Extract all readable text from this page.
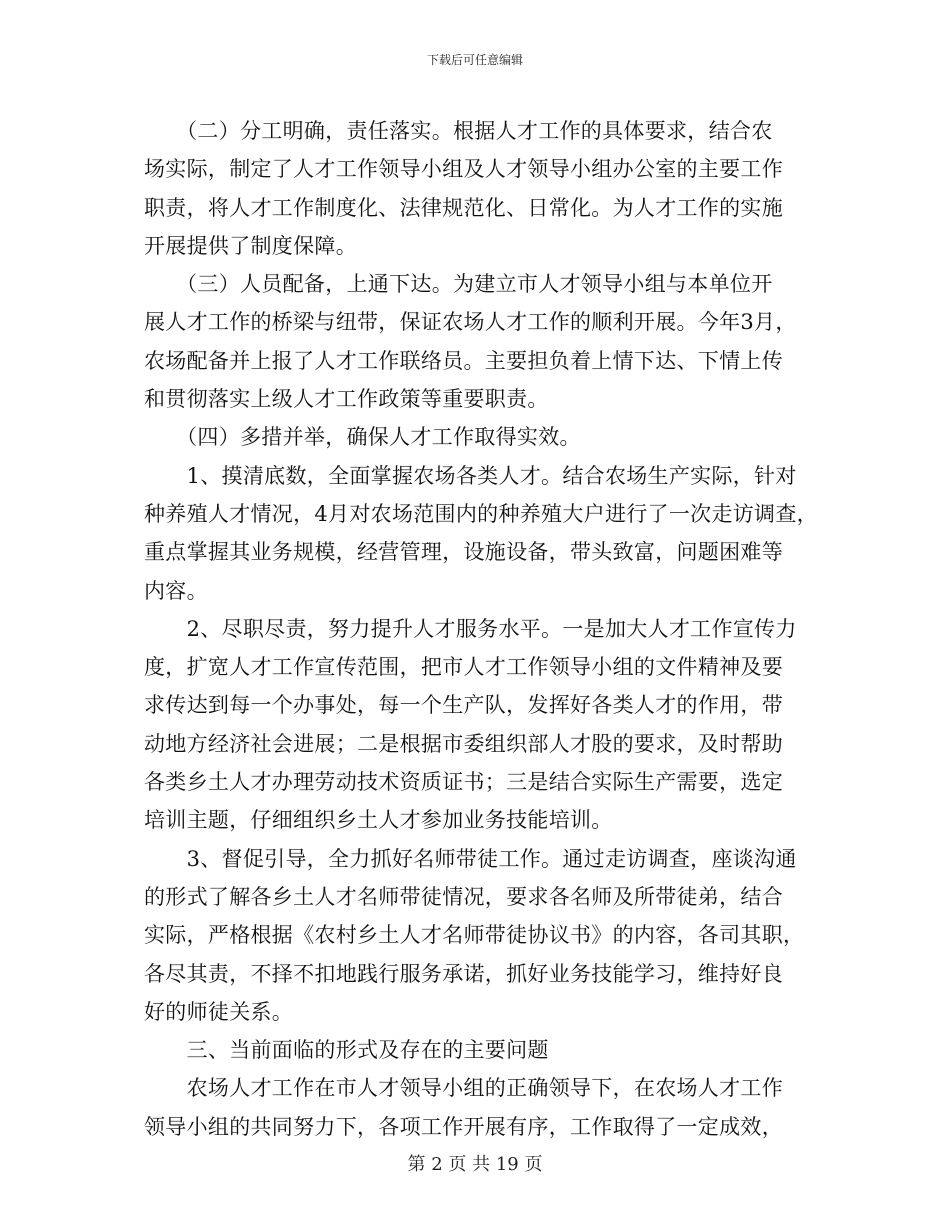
下载后可任意编辑
　　（二）分工明确，责任落实。根据人才工作的具体要求，结合农
场实际，制定了人才工作领导小组及人才领导小组办公室的主要工作
职责，将人才工作制度化、法律规范化、日常化。为人才工作的实施
开展提供了制度保障。
　　（三）人员配备，上通下达。为建立市人才领导小组与本单位开
展人才工作的桥梁与纽带，保证农场人才工作的顺利开展。今年3月，
农场配备并上报了人才工作联络员。主要担负着上情下达、下情上传
和贯彻落实上级人才工作政策等重要职责。
　　（四）多措并举，确保人才工作取得实效。
　　1、摸清底数，全面掌握农场各类人才。结合农场生产实际，针对
种养殖人才情况，4月对农场范围内的种养殖大户进行了一次走访调查，
重点掌握其业务规模，经营管理，设施设备，带头致富，问题困难等
内容。
　　2、尽职尽责，努力提升人才服务水平。一是加大人才工作宣传力
度，扩宽人才工作宣传范围，把市人才工作领导小组的文件精神及要
求传达到每一个办事处，每一个生产队，发挥好各类人才的作用，带
动地方经济社会进展；二是根据市委组织部人才股的要求，及时帮助
各类乡土人才办理劳动技术资质证书；三是结合实际生产需要，选定
培训主题，仔细组织乡土人才参加业务技能培训。
　　3、督促引导，全力抓好名师带徒工作。通过走访调查，座谈沟通
的形式了解各乡土人才名师带徒情况，要求各名师及所带徒弟，结合
实际，严格根据《农村乡土人才名师带徒协议书》的内容，各司其职，
各尽其责，不择不扣地践行服务承诺，抓好业务技能学习，维持好良
好的师徒关系。
　　三、当前面临的形式及存在的主要问题
　　农场人才工作在市人才领导小组的正确领导下，在农场人才工作
领导小组的共同努力下，各项工作开展有序，工作取得了一定成效，
第 2 页 共 19 页
